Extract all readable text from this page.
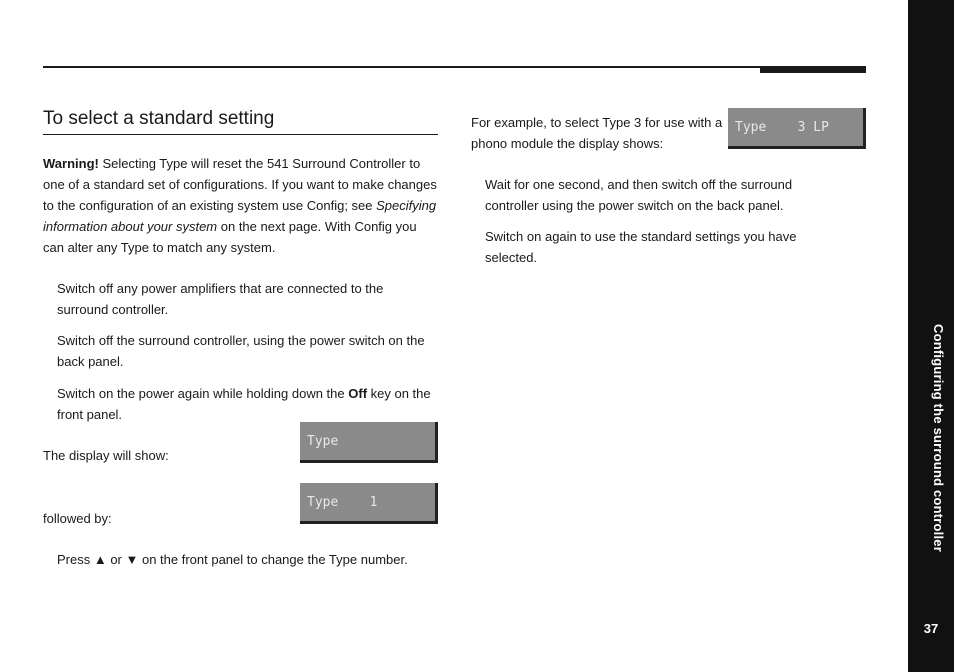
To select a standard setting

Warning! Selecting Type will reset the 541 Surround Controller to one of a standard set of configurations. If you want to make changes to the configuration of an existing system use Config; see Specifying information about your system on the next page. With Config you can alter any Type to match any system.

Switch off any power amplifiers that are connected to the surround controller.

Switch off the surround controller, using the power switch on the back panel.

Switch on the power again while holding down the Off key on the front panel.

The display will show:

Type

followed by:

Type    1

Press ▲ or ▼ on the front panel to change the Type number.

For example, to select Type 3 for use with a phono module the display shows:

Type    3 LP

Wait for one second, and then switch off the surround controller using the power switch on the back panel.

Switch on again to use the standard settings you have selected.

Configuring the surround controller
37
